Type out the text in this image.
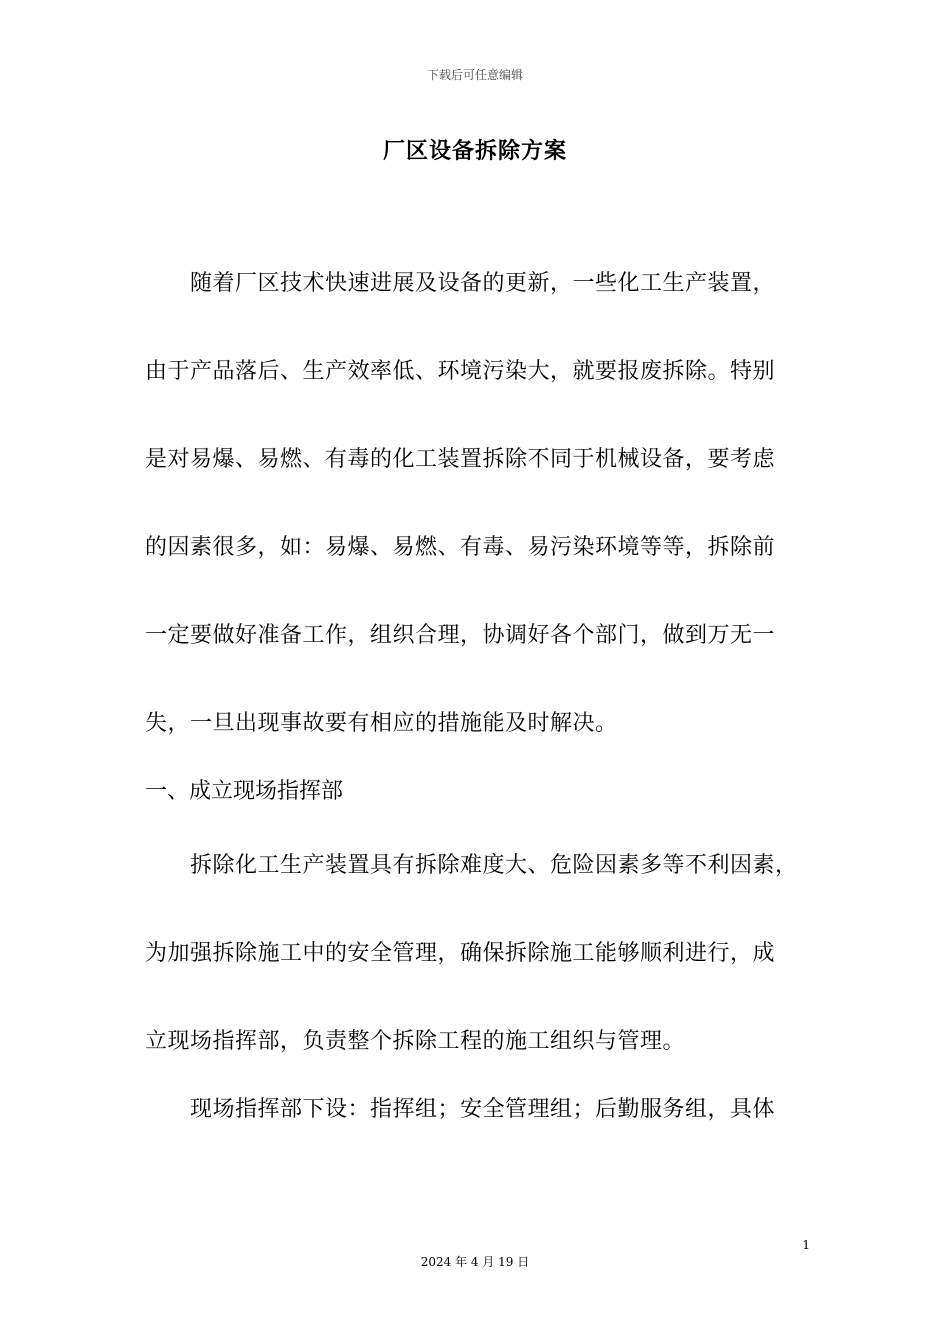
下载后可任意编辑
厂区设备拆除方案
随着厂区技术快速进展及设备的更新，一些化工生产装置，
由于产品落后、生产效率低、环境污染大，就要报废拆除。特别
是对易爆、易燃、有毒的化工装置拆除不同于机械设备，要考虑
的因素很多，如：易爆、易燃、有毒、易污染环境等等，拆除前
一定要做好准备工作，组织合理，协调好各个部门，做到万无一
失，一旦出现事故要有相应的措施能及时解决。
一、成立现场指挥部
拆除化工生产装置具有拆除难度大、危险因素多等不利因素，
为加强拆除施工中的安全管理，确保拆除施工能够顺利进行，成
立现场指挥部，负责整个拆除工程的施工组织与管理。
现场指挥部下设：指挥组；安全管理组；后勤服务组，具体
1
2024 年 4 月 19 日
